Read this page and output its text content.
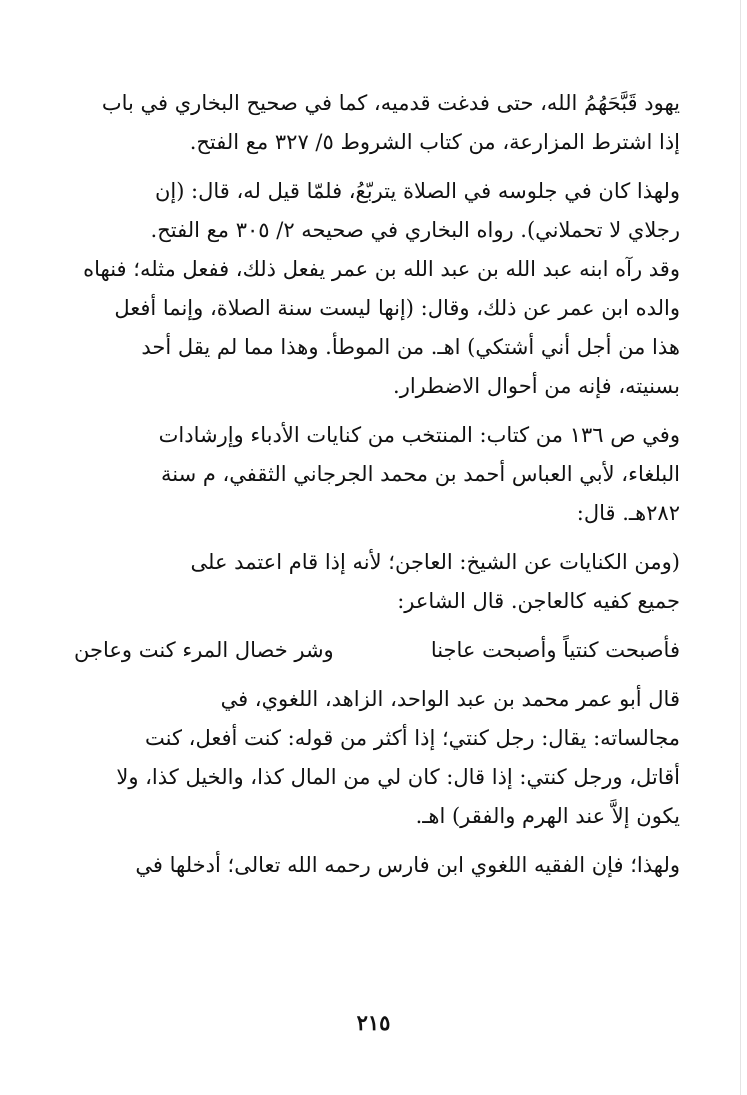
يهود قَبَّحَهُمُ الله، حتى فدغت قدميه، كما في صحيح البخاري في باب

إذا اشترط المزارعة، من كتاب الشروط ٥/ ٣٢٧ مع الفتح.

ولهذا كان في جلوسه في الصلاة يتربّعُ، فلمّا قيل له، قال: (إن

رجلاي لا تحملاني). رواه البخاري في صحيحه ٢/ ٣٠٥ مع الفتح.

وقد رآه ابنه عبد الله بن عبد الله بن عمر يفعل ذلك، ففعل مثله؛ فنهاه

والده ابن عمر عن ذلك، وقال: (إنها ليست سنة الصلاة، وإنما أفعل

هذا من أجل أني أشتكي) اهـ. من الموطأ. وهذا مما لم يقل أحد

بسنيته، فإنه من أحوال الاضطرار.

وفي ص ١٣٦ من كتاب: المنتخب من كنايات الأدباء وإرشادات

البلغاء، لأبي العباس أحمد بن محمد الجرجاني الثقفي، م سنة

٢٨٢هـ. قال:

(ومن الكنايات عن الشيخ: العاجن؛ لأنه إذا قام اعتمد على

جميع كفيه كالعاجن. قال الشاعر:

فأصبحت كنتياً وأصبحت عاجنا
وشر خصال المرء كنت وعاجن

قال أبو عمر محمد بن عبد الواحد، الزاهد، اللغوي، في

مجالساته: يقال: رجل كنتي؛ إذا أكثر من قوله: كنت أفعل، كنت

أقاتل، ورجل كنتي: إذا قال: كان لي من المال كذا، والخيل كذا، ولا

يكون إلاَّ عند الهرم والفقر) اهـ.

ولهذا؛ فإن الفقيه اللغوي ابن فارس رحمه الله تعالى؛ أدخلها في

٢١٥
